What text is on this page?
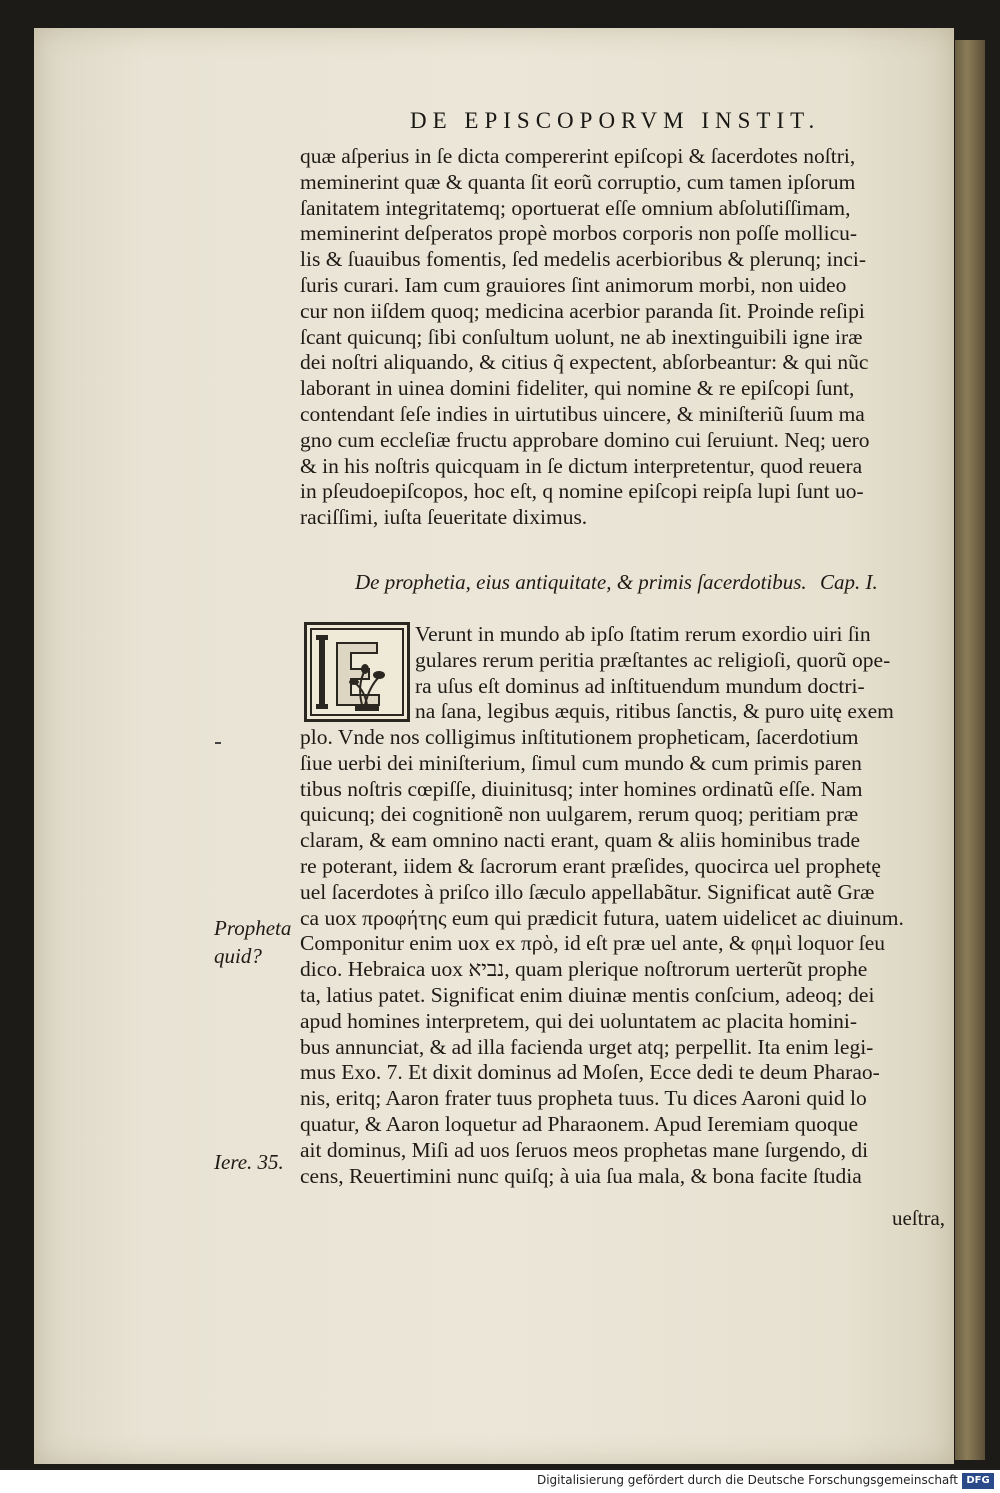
DE EPISCOPORVM INSTIT.
quæ aſperius in ſe dicta compererint epiſcopi & ſacerdotes noſtri,
meminerint quæ & quanta ſit eorũ corruptio, cum tamen ipſorum
ſanitatem integritatemq; oportuerat eſſe omnium abſolutiſſimam,
meminerint deſperatos propè morbos corporis non poſſe mollicu-
lis & ſuauibus fomentis, ſed medelis acerbioribus & plerunq; inci-
ſuris curari. Iam cum grauiores ſint animorum morbi, non uideo
cur non iiſdem quoq; medicina acerbior paranda ſit. Proinde reſipi
ſcant quicunq; ſibi conſultum uolunt, ne ab inextinguibili igne iræ
dei noſtri aliquando, & citius q̃ expectent, abſorbeantur: & qui nũc
laborant in uinea domini fideliter, qui nomine & re epiſcopi ſunt,
contendant ſeſe indies in uirtutibus uincere, & miniſteriũ ſuum ma
gno cum eccleſiæ fructu approbare domino cui ſeruiunt. Neq; uero
& in his noſtris quicquam in ſe dictum interpretentur, quod reuera
in pſeudoepiſcopos, hoc eſt, q nomine epiſcopi reipſa lupi ſunt uo-
raciſſimi, iuſta ſeueritate diximus.
De prophetia, eius antiquitate, & primis ſacerdotibus. Cap. I.
Verunt in mundo ab ipſo ſtatim rerum exordio uiri ſin
gulares rerum peritia præſtantes ac religioſi, quorũ ope-
ra uſus eſt dominus ad inſtituendum mundum doctri-
na ſana, legibus æquis, ritibus ſanctis, & puro uitę exem
plo. Vnde nos colligimus inſtitutionem propheticam, ſacerdotium
ſiue uerbi dei miniſterium, ſimul cum mundo & cum primis paren
tibus noſtris cœpiſſe, diuinitusq; inter homines ordinatũ eſſe. Nam
quicunq; dei cognitionẽ non uulgarem, rerum quoq; peritiam præ
claram, & eam omnino nacti erant, quam & aliis hominibus trade
re poterant, iidem & ſacrorum erant præſides, quocirca uel prophetę
uel ſacerdotes à priſco illo ſæculo appellabãtur. Significat autẽ Græ
ca uox προφήτης eum qui prædicit futura, uatem uidelicet ac diuinum.
Componitur enim uox ex πρὸ, id eſt præ uel ante, & φημὶ loquor ſeu
dico. Hebraica uox נביא, quam plerique noſtrorum uerterũt prophe
ta, latius patet. Significat enim diuinæ mentis conſcium, adeoq; dei
apud homines interpretem, qui dei uoluntatem ac placita homini-
bus annunciat, & ad illa facienda urget atq; perpellit. Ita enim legi-
mus Exo. 7. Et dixit dominus ad Moſen, Ecce dedi te deum Pharao-
nis, eritq; Aaron frater tuus propheta tuus. Tu dices Aaroni quid lo
quatur, & Aaron loquetur ad Pharaonem. Apud Ieremiam quoque
ait dominus, Miſi ad uos ſeruos meos prophetas mane ſurgendo, di
cens, Reuertimini nunc quiſq; à uia ſua mala, & bona facite ſtudia
ueſtra,
Propheta
quid?
Iere. 35.
Digitalisierung gefördert durch die Deutsche Forschungsgemeinschaft DFG
